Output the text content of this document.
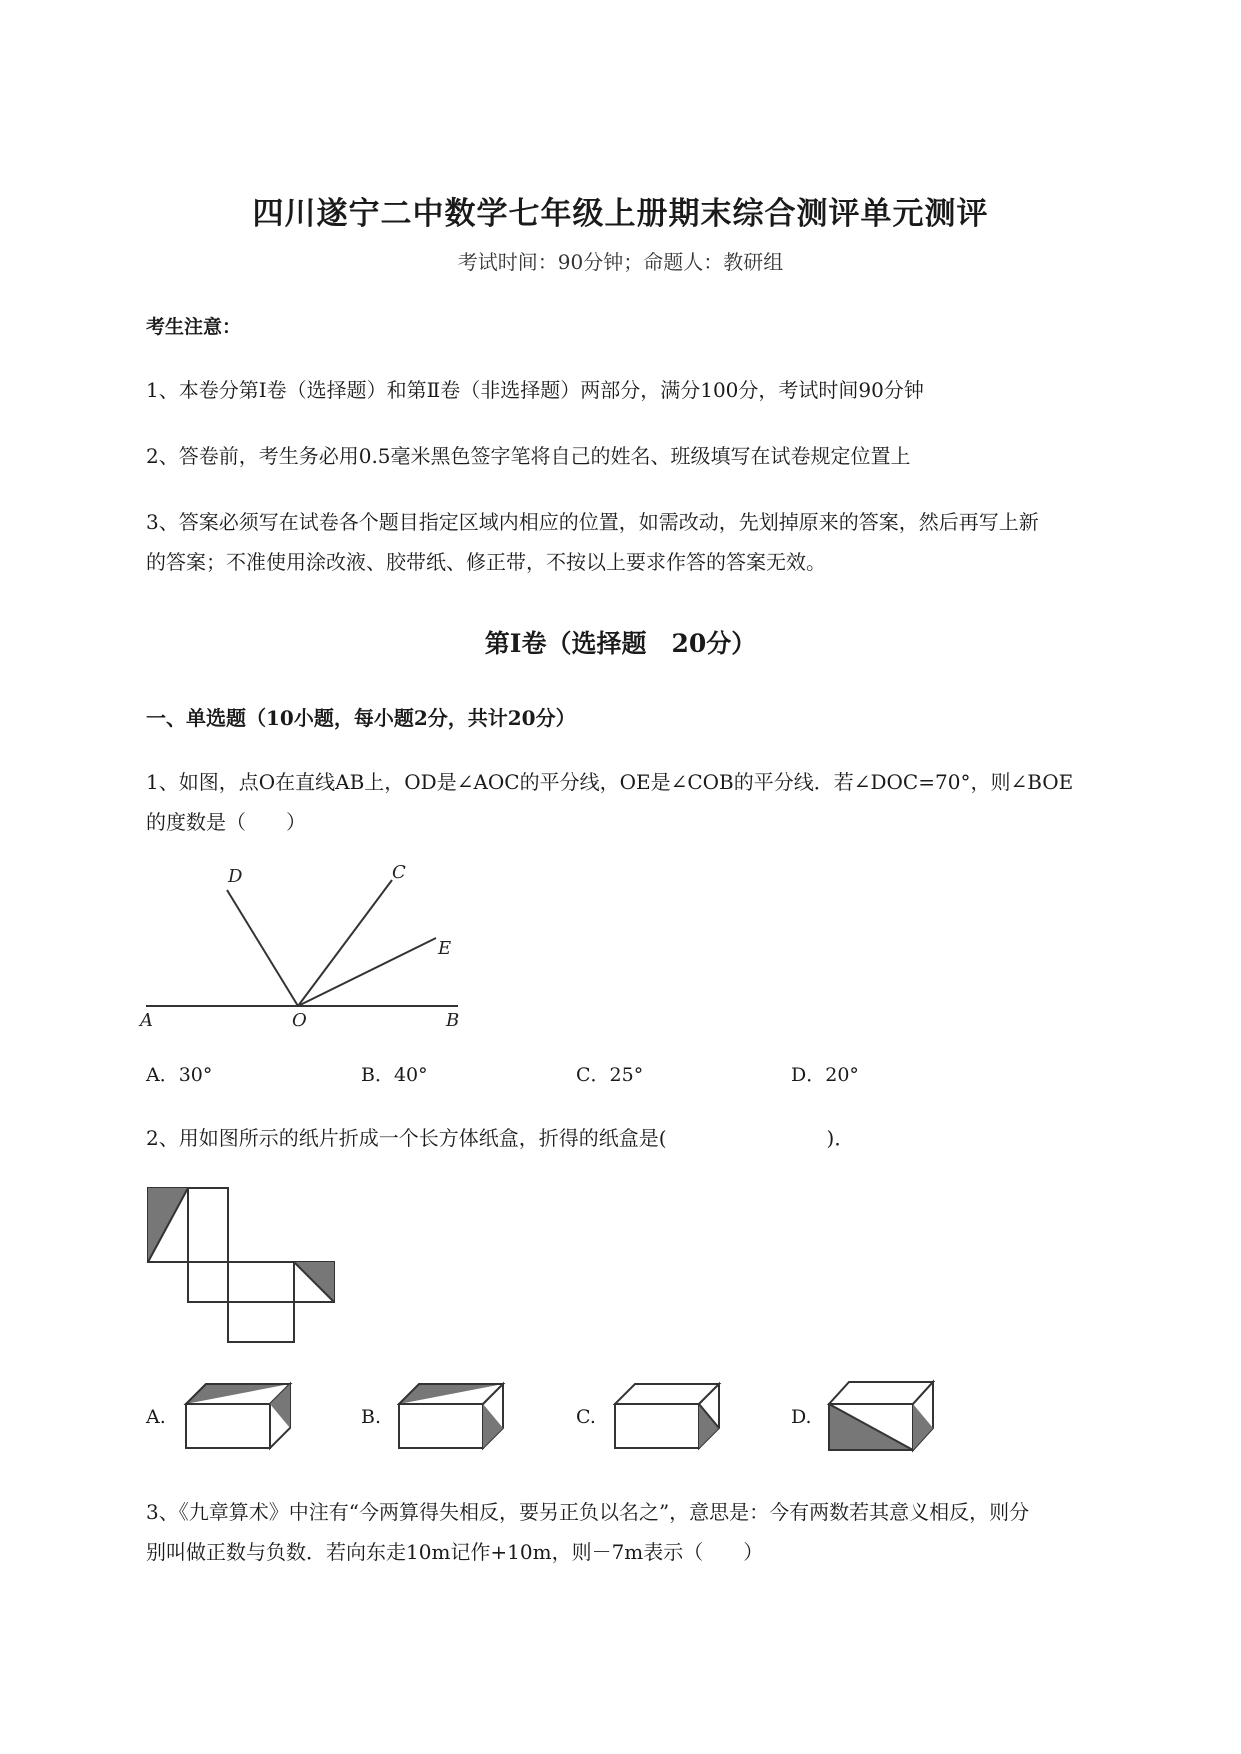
四川遂宁二中数学七年级上册期末综合测评单元测评
考试时间：90分钟；命题人：教研组
考生注意：
1、本卷分第I卷（选择题）和第Ⅱ卷（非选择题）两部分，满分100分，考试时间90分钟
2、答卷前，考生务必用0.5毫米黑色签字笔将自己的姓名、班级填写在试卷规定位置上
3、答案必须写在试卷各个题目指定区域内相应的位置，如需改动，先划掉原来的答案，然后再写上新
的答案；不准使用涂改液、胶带纸、修正带，不按以上要求作答的答案无效。
第I卷（选择题　20分）
一、单选题（10小题，每小题2分，共计20分）
1、如图，点O在直线AB上，OD是∠AOC的平分线，OE是∠COB的平分线．若∠DOC=70°，则∠BOE
的度数是（　　）
A	O	B
D	C
E
A．30°	B．40°	C．25°	D．20°
2、用如图所示的纸片折成一个长方体纸盒，折得的纸盒是(　　　　　　　　)．
A.	B.	C.	D.
3、《九章算术》中注有“今两算得失相反，要另正负以名之”，意思是：今有两数若其意义相反，则分
别叫做正数与负数．若向东走10m记作+10m，则－7m表示（　　）
